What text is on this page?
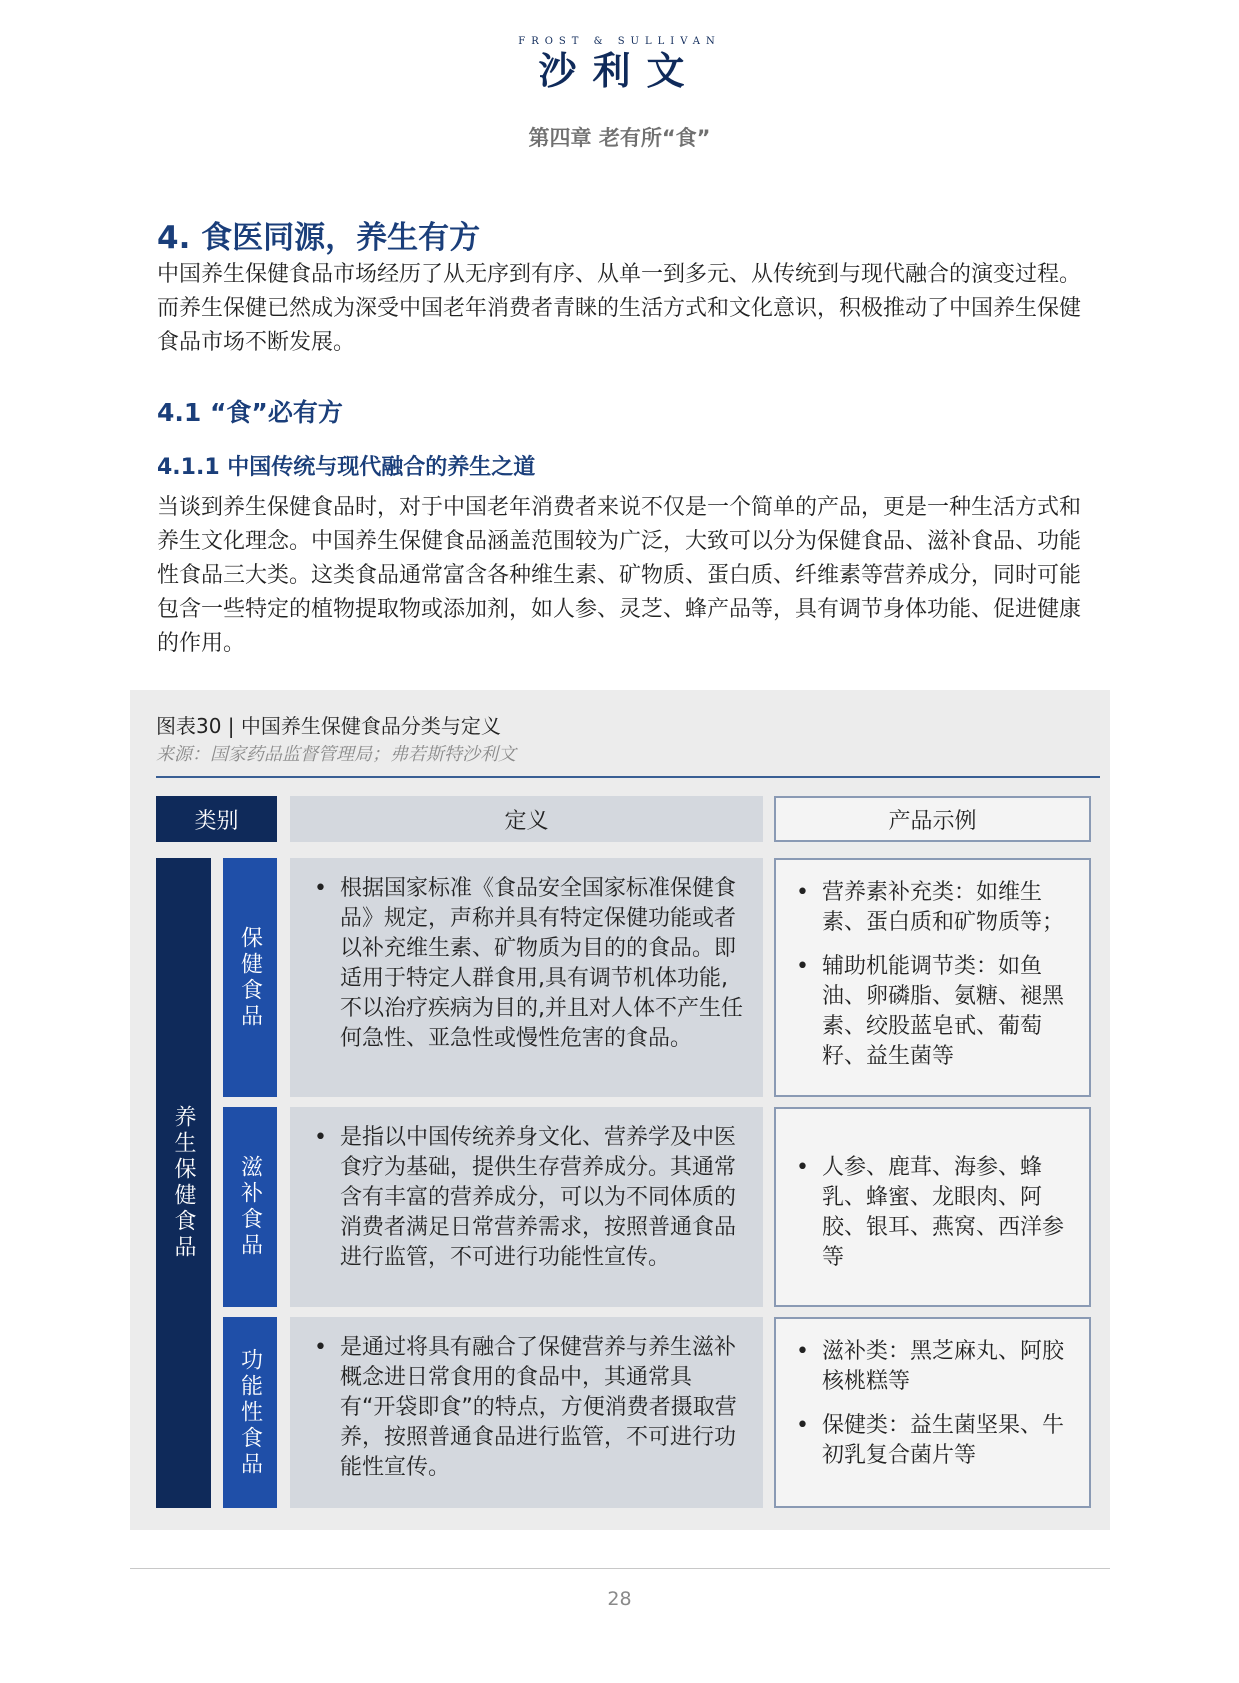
FROST & SULLIVAN
沙利文
第四章 老有所“食”
4. 食医同源，养生有方

中国养生保健食品市场经历了从无序到有序、从单一到多元、从传统到与现代融合的演变过程。而养生保健已然成为深受中国老年消费者青睐的生活方式和文化意识，积极推动了中国养生保健食品市场不断发展。

4.1 “食”必有方
4.1.1 中国传统与现代融合的养生之道

当谈到养生保健食品时，对于中国老年消费者来说不仅是一个简单的产品，更是一种生活方式和养生文化理念。中国养生保健食品涵盖范围较为广泛，大致可以分为保健食品、滋补食品、功能性食品三大类。这类食品通常富含各种维生素、矿物质、蛋白质、纤维素等营养成分，同时可能包含一些特定的植物提取物或添加剂，如人参、灵芝、蜂产品等，具有调节身体功能、促进健康的作用。

图表30 | 中国养生保健食品分类与定义
来源：国家药品监督管理局；弗若斯特沙利文
类别	定义	产品示例
养生保健食品
保健食品
• 根据国家标准《食品安全国家标准保健食品》规定，声称并具有特定保健功能或者以补充维生素、矿物质为目的的食品。即适用于特定人群食用,具有调节机体功能,不以治疗疾病为目的,并且对人体不产生任何急性、亚急性或慢性危害的食品。
• 营养素补充类：如维生素、蛋白质和矿物质等；
• 辅助机能调节类：如鱼油、卵磷脂、氨糖、褪黑素、绞股蓝皂甙、葡萄籽、益生菌等
滋补食品
• 是指以中国传统养身文化、营养学及中医食疗为基础，提供生存营养成分。其通常含有丰富的营养成分，可以为不同体质的消费者满足日常营养需求，按照普通食品进行监管，不可进行功能性宣传。
• 人参、鹿茸、海参、蜂乳、蜂蜜、龙眼肉、阿胶、银耳、燕窝、西洋参等
功能性食品
•	是通过将具有融合了保健营养与养生滋补概念进日常食用的食品中，其通常具有“开袋即食”的特点，方便消费者摄取营养，按照普通食品进行监管，不可进行功能性宣传。
• 滋补类：黑芝麻丸、阿胶核桃糕等
• 保健类：益生菌坚果、牛初乳复合菌片等
28
